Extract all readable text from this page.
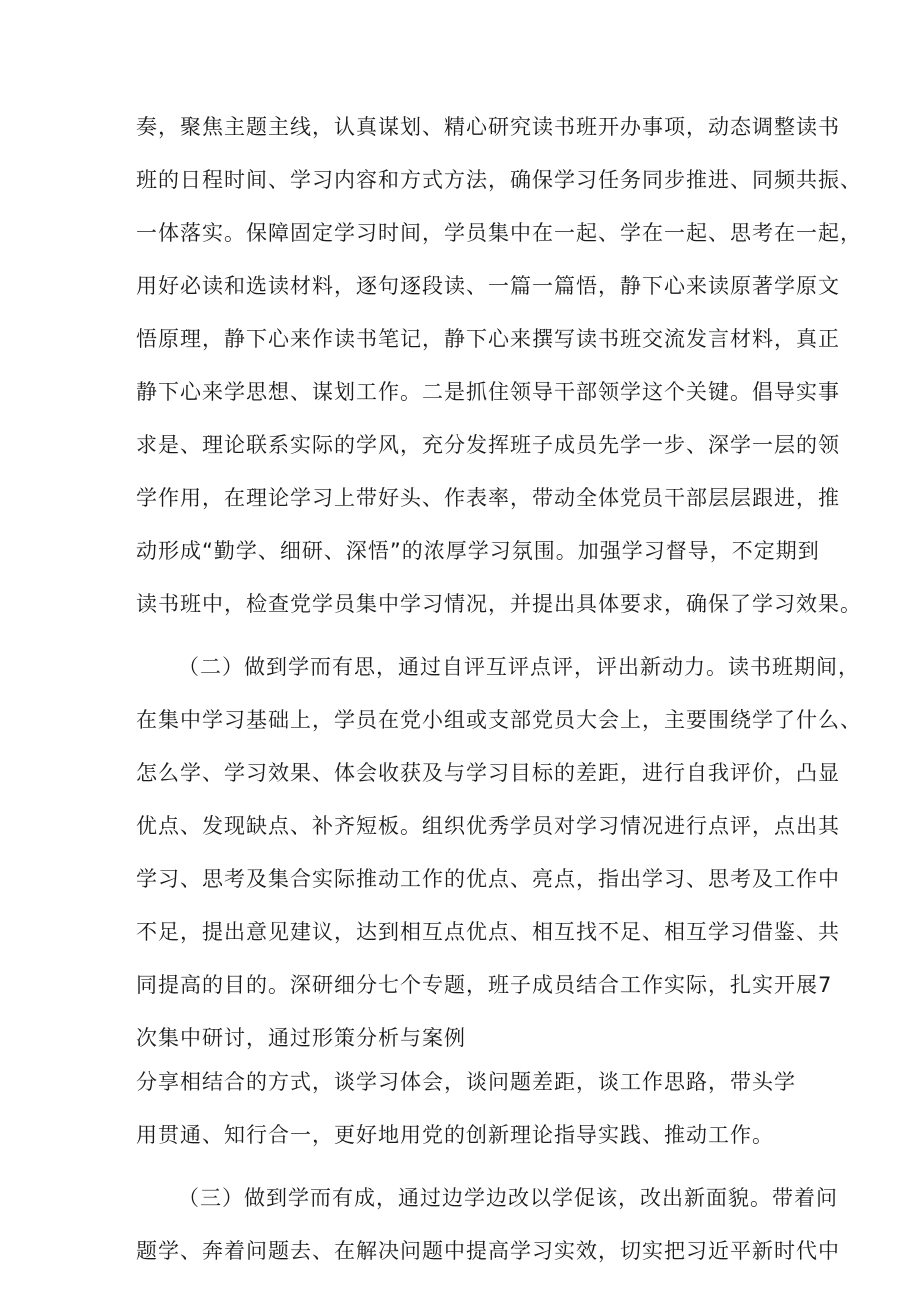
奏，聚焦主题主线，认真谋划、精心研究读书班开办事项，动态调整读书
班的日程时间、学习内容和方式方法，确保学习任务同步推进、同频共振、
一体落实。保障固定学习时间，学员集中在一起、学在一起、思考在一起，
用好必读和选读材料，逐句逐段读、一篇一篇悟，静下心来读原著学原文
悟原理，静下心来作读书笔记，静下心来撰写读书班交流发言材料，真正
静下心来学思想、谋划工作。二是抓住领导干部领学这个关键。倡导实事
求是、理论联系实际的学风，充分发挥班子成员先学一步、深学一层的领
学作用，在理论学习上带好头、作表率，带动全体党员干部层层跟进，推
动形成“勤学、细研、深悟”的浓厚学习氛围。加强学习督导，不定期到
读书班中，检查党学员集中学习情况，并提出具体要求，确保了学习效果。
（二）做到学而有思，通过自评互评点评，评出新动力。读书班期间，
在集中学习基础上，学员在党小组或支部党员大会上，主要围绕学了什么、
怎么学、学习效果、体会收获及与学习目标的差距，进行自我评价，凸显
优点、发现缺点、补齐短板。组织优秀学员对学习情况进行点评，点出其
学习、思考及集合实际推动工作的优点、亮点，指出学习、思考及工作中
不足，提出意见建议，达到相互点优点、相互找不足、相互学习借鉴、共
同提高的目的。深研细分七个专题，班子成员结合工作实际，扎实开展7
次集中研讨，通过形策分析与案例
分享相结合的方式，谈学习体会，谈问题差距，谈工作思路，带头学
用贯通、知行合一，更好地用党的创新理论指导实践、推动工作。
（三）做到学而有成，通过边学边改以学促该，改出新面貌。带着问
题学、奔着问题去、在解决问题中提高学习实效，切实把习近平新时代中
